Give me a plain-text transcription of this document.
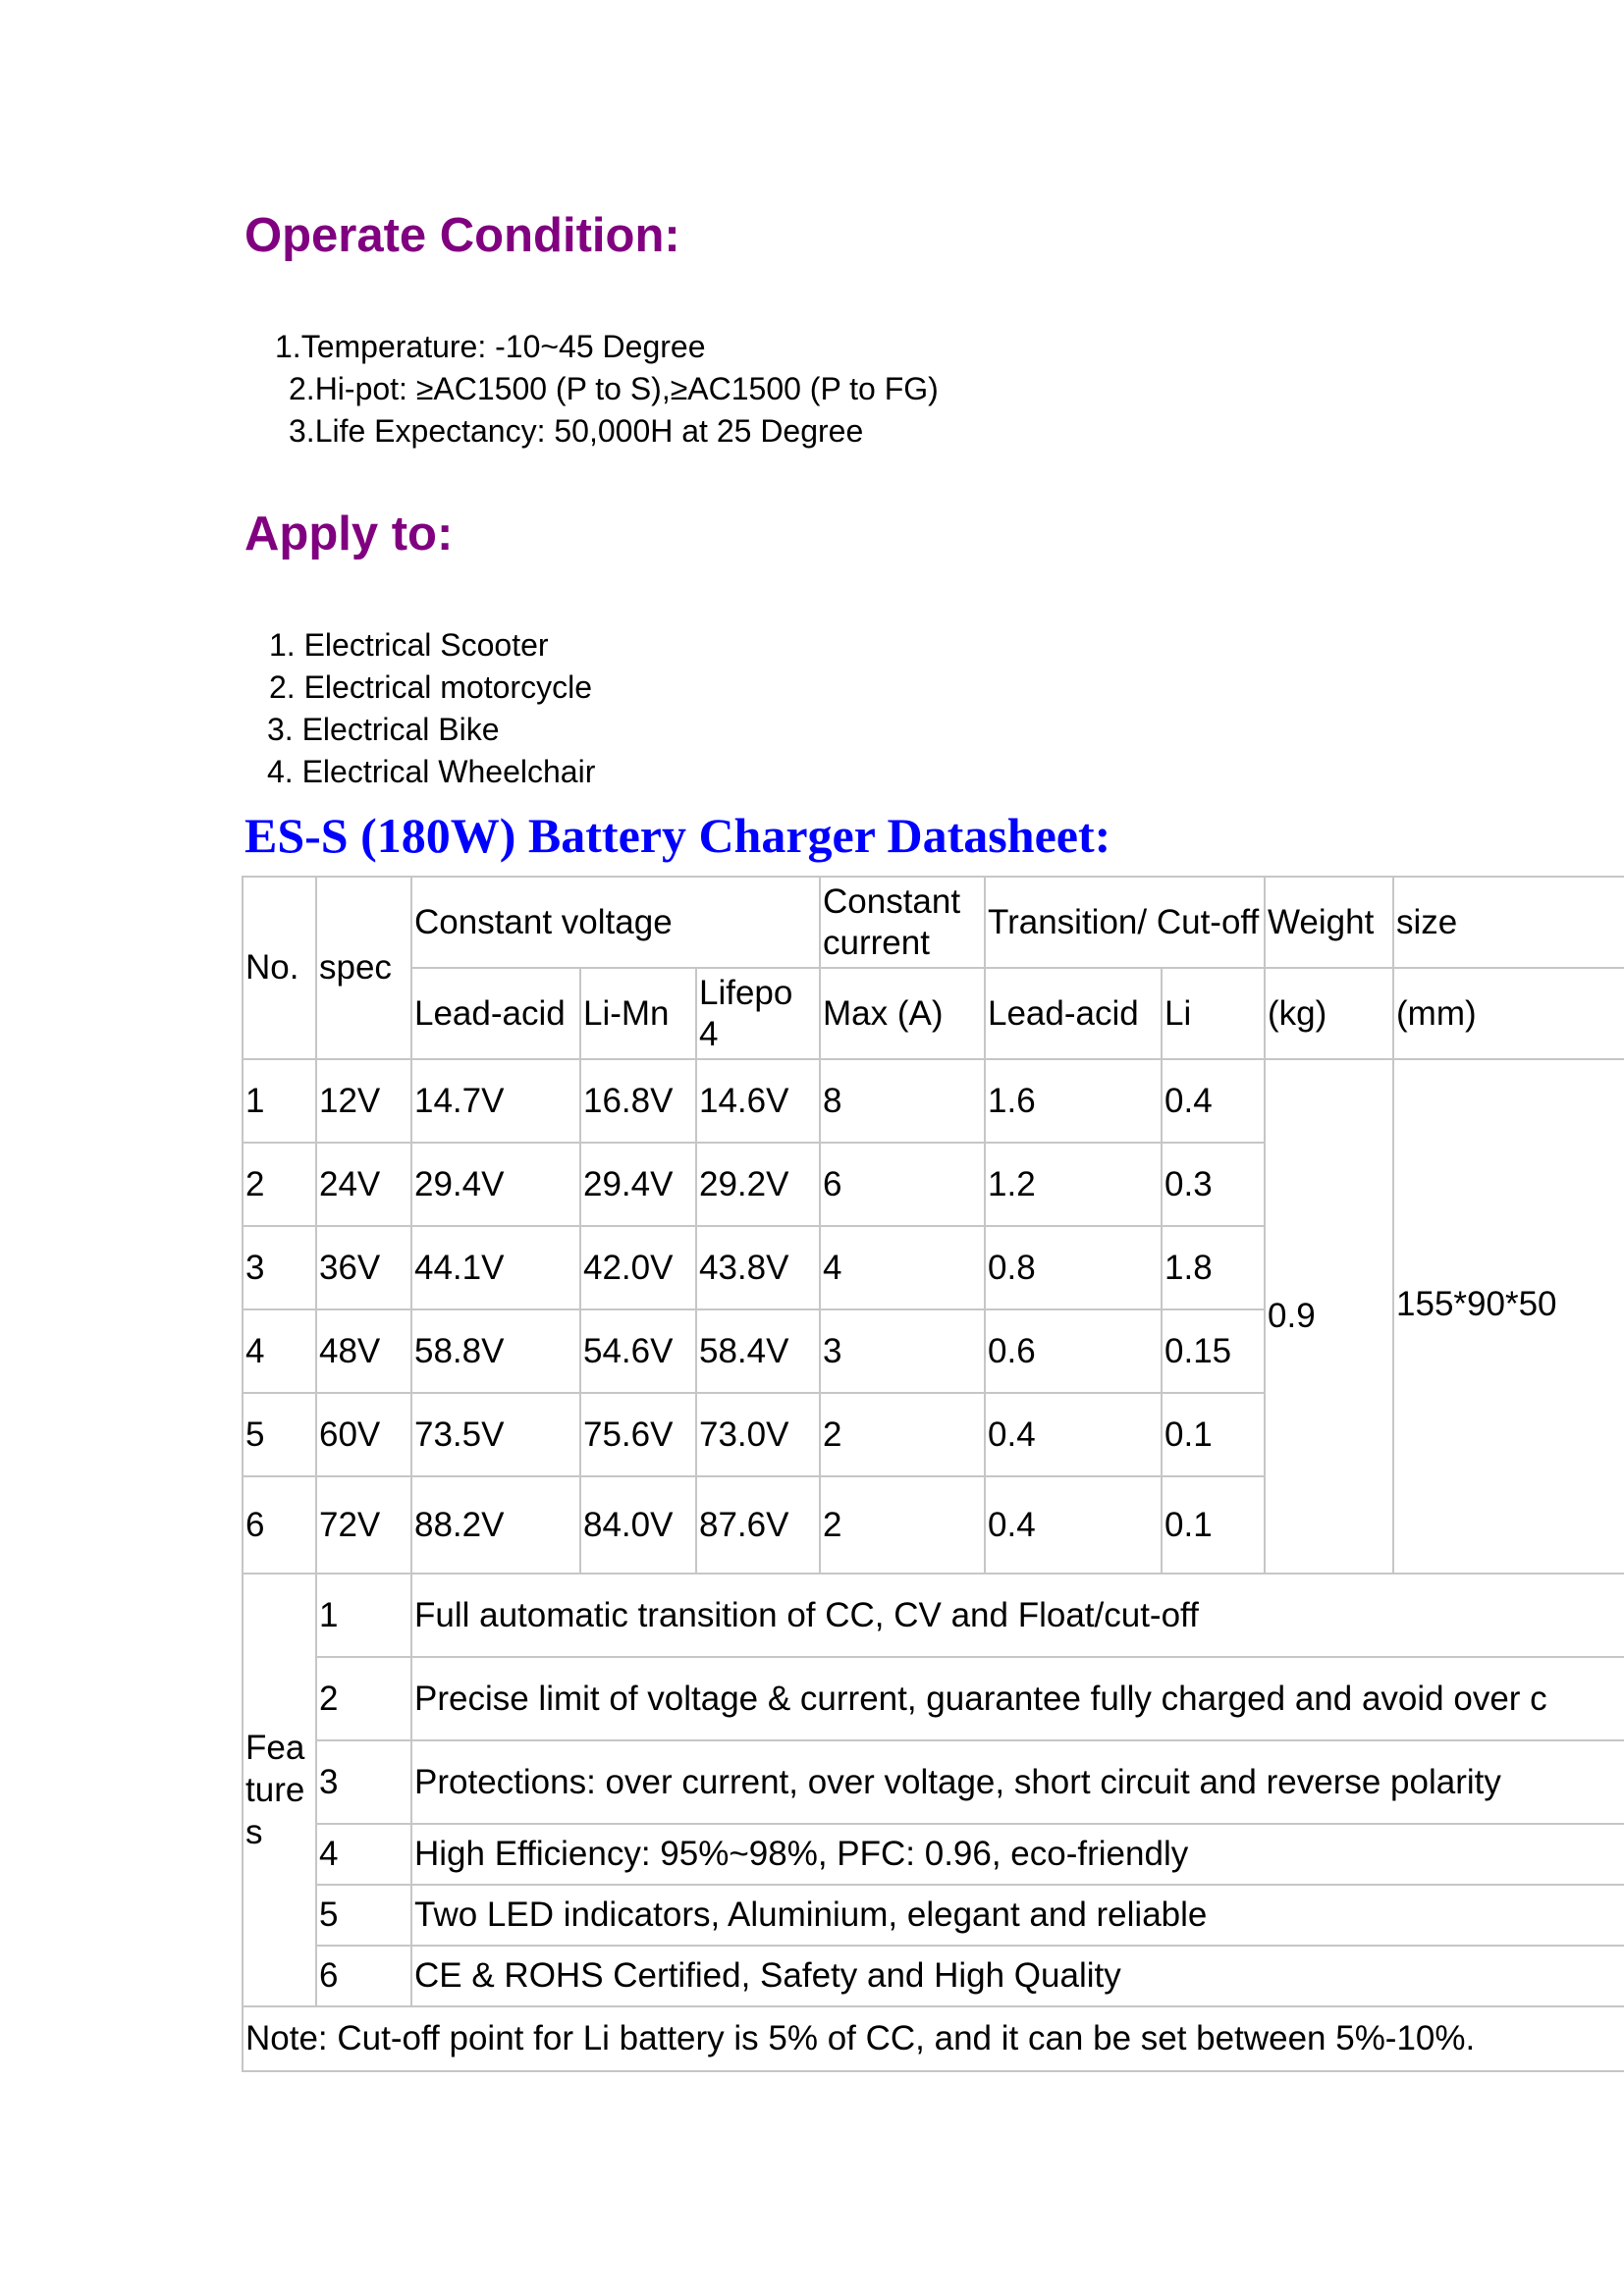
Operate Condition:
1.Temperature: -10~45 Degree
2.Hi-pot: ≥AC1500 (P to S),≥AC1500 (P to FG)
3.Life Expectancy: 50,000H at 25 Degree
Apply to:
1. Electrical Scooter
2. Electrical motorcycle
3. Electrical Bike
4. Electrical Wheelchair
ES-S (180W) Battery Charger Datasheet:
No.	spec	Constant voltage			Constant current	Transition/ Cut-off		Weight	size
		Lead-acid	Li-Mn	Lifepo 4	Max (A)	Lead-acid	Li	(kg)	(mm)
1	12V	14.7V	16.8V	14.6V	8	1.6	0.4	0.9	155*90*50
2	24V	29.4V	29.4V	29.2V	6	1.2	0.3		
3	36V	44.1V	42.0V	43.8V	4	0.8	1.8		
4	48V	58.8V	54.6V	58.4V	3	0.6	0.15		
5	60V	73.5V	75.6V	73.0V	2	0.4	0.1		
6	72V	88.2V	84.0V	87.6V	2	0.4	0.1		
Fea ture s	1	Full automatic transition of CC, CV and Float/cut-off							
	2	Precise limit of voltage & current, guarantee fully charged and avoid over c							
	3	Protections: over current, over voltage, short circuit and reverse polarity							
	4	High Efficiency: 95%~98%, PFC: 0.96, eco-friendly							
	5	Two LED indicators, Aluminium, elegant and reliable							
	6	CE & ROHS Certified, Safety and High Quality							
Note: Cut-off point for Li battery is 5% of CC, and it can be set between 5%-10%.									
